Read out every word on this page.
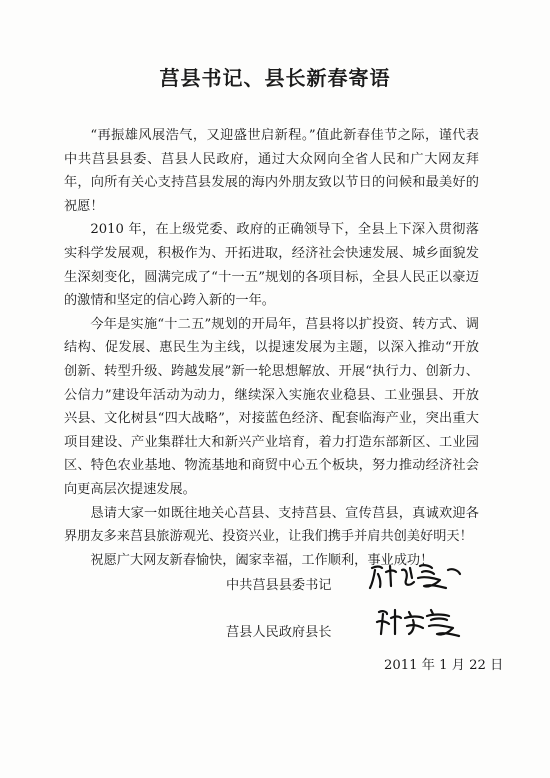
莒县书记、县长新春寄语

“再振雄风展浩气，又迎盛世启新程。”值此新春佳节之际，谨代表中共莒县县委、莒县人民政府，通过大众网向全省人民和广大网友拜年，向所有关心支持莒县发展的海内外朋友致以节日的问候和最美好的祝愿！

2010 年，在上级党委、政府的正确领导下，全县上下深入贯彻落实科学发展观，积极作为、开拓进取，经济社会快速发展、城乡面貌发生深刻变化，圆满完成了“十一五”规划的各项目标，全县人民正以豪迈的激情和坚定的信心跨入新的一年。

今年是实施“十二五”规划的开局年，莒县将以扩投资、转方式、调结构、促发展、惠民生为主线，以提速发展为主题，以深入推动“开放创新、转型升级、跨越发展”新一轮思想解放、开展“执行力、创新力、公信力”建设年活动为动力，继续深入实施农业稳县、工业强县、开放兴县、文化树县“四大战略”，对接蓝色经济、配套临海产业，突出重大项目建设、产业集群壮大和新兴产业培育，着力打造东部新区、工业园区、特色农业基地、物流基地和商贸中心五个板块，努力推动经济社会向更高层次提速发展。

恳请大家一如既往地关心莒县、支持莒县、宣传莒县，真诚欢迎各界朋友多来莒县旅游观光、投资兴业，让我们携手并肩共创美好明天！

祝愿广大网友新春愉快，阖家幸福，工作顺利，事业成功！

中共莒县县委书记
莒县人民政府县长
2011 年 1 月 22 日
